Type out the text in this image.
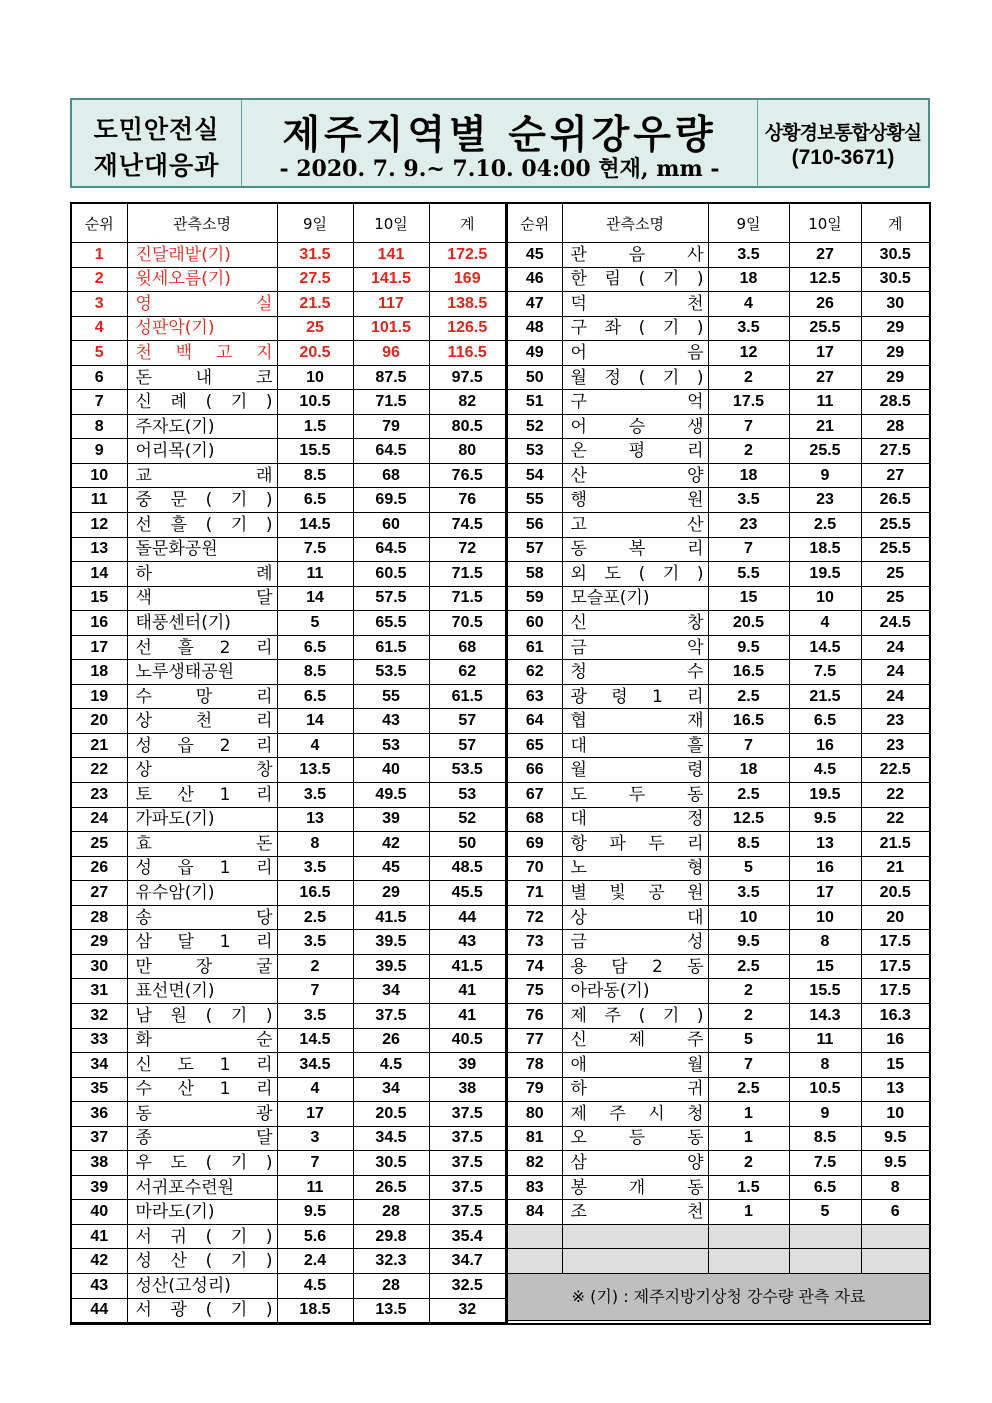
도민안전실
재난대응과
제주지역별 순위강우량
- 2020. 7. 9.~ 7.10. 04:00 현재, mm -
상황경보통합상황실
(710-3671)
순위	관측소명	9일	10일	계
1	진달래밭(기)	31.5	141	172.5
2	윗세오름(기)	27.5	141.5	169
3	영 실	21.5	117	138.5
4	성판악(기)	25	101.5	126.5
5	천 백 고 지	20.5	96	116.5
6	돈 내 코	10	87.5	97.5
7	신 례 ( 기 )	10.5	71.5	82
8	주자도(기)	1.5	79	80.5
9	어리목(기)	15.5	64.5	80
10	교 래	8.5	68	76.5
11	중 문 ( 기 )	6.5	69.5	76
12	선 흘 ( 기 )	14.5	60	74.5
13	돌문화공원	7.5	64.5	72
14	하 례	11	60.5	71.5
15	색 달	14	57.5	71.5
16	태풍센터(기)	5	65.5	70.5
17	선 흘 2 리	6.5	61.5	68
18	노루생태공원	8.5	53.5	62
19	수 망 리	6.5	55	61.5
20	상 천 리	14	43	57
21	성 읍 2 리	4	53	57
22	상 창	13.5	40	53.5
23	토 산 1 리	3.5	49.5	53
24	가파도(기)	13	39	52
25	효 돈	8	42	50
26	성 읍 1 리	3.5	45	48.5
27	유수암(기)	16.5	29	45.5
28	송 당	2.5	41.5	44
29	삼 달 1 리	3.5	39.5	43
30	만 장 굴	2	39.5	41.5
31	표선면(기)	7	34	41
32	남 원 ( 기 )	3.5	37.5	41
33	화 순	14.5	26	40.5
34	신 도 1 리	34.5	4.5	39
35	수 산 1 리	4	34	38
36	동 광	17	20.5	37.5
37	종 달	3	34.5	37.5
38	우 도 ( 기 )	7	30.5	37.5
39	서귀포수련원	11	26.5	37.5
40	마라도(기)	9.5	28	37.5
41	서 귀 ( 기 )	5.6	29.8	35.4
42	성 산 ( 기 )	2.4	32.3	34.7
43	성산(고성리)	4.5	28	32.5
44	서 광 ( 기 )	18.5	13.5	32
순위	관측소명	9일	10일	계
45	관 음 사	3.5	27	30.5
46	한 림 ( 기 )	18	12.5	30.5
47	덕 천	4	26	30
48	구 좌 ( 기 )	3.5	25.5	29
49	어 음	12	17	29
50	월 정 ( 기 )	2	27	29
51	구 억	17.5	11	28.5
52	어 승 생	7	21	28
53	온 평 리	2	25.5	27.5
54	산 양	18	9	27
55	행 원	3.5	23	26.5
56	고 산	23	2.5	25.5
57	동 복 리	7	18.5	25.5
58	외 도 ( 기 )	5.5	19.5	25
59	모슬포(기)	15	10	25
60	신 창	20.5	4	24.5
61	금 악	9.5	14.5	24
62	청 수	16.5	7.5	24
63	광 령 1 리	2.5	21.5	24
64	협 재	16.5	6.5	23
65	대 흘	7	16	23
66	월 령	18	4.5	22.5
67	도 두 동	2.5	19.5	22
68	대 정	12.5	9.5	22
69	항 파 두 리	8.5	13	21.5
70	노 형	5	16	21
71	별 빛 공 원	3.5	17	20.5
72	상 대	10	10	20
73	금 성	9.5	8	17.5
74	용 담 2 동	2.5	15	17.5
75	아라동(기)	2	15.5	17.5
76	제 주 ( 기 )	2	14.3	16.3
77	신 제 주	5	11	16
78	애 월	7	8	15
79	하 귀	2.5	10.5	13
80	제 주 시 청	1	9	10
81	오 등 동	1	8.5	9.5
82	삼 양	2	7.5	9.5
83	봉 개 동	1.5	6.5	8
84	조 천	1	5	6

※ (기) : 제주지방기상청 강수량 관측 자료				
